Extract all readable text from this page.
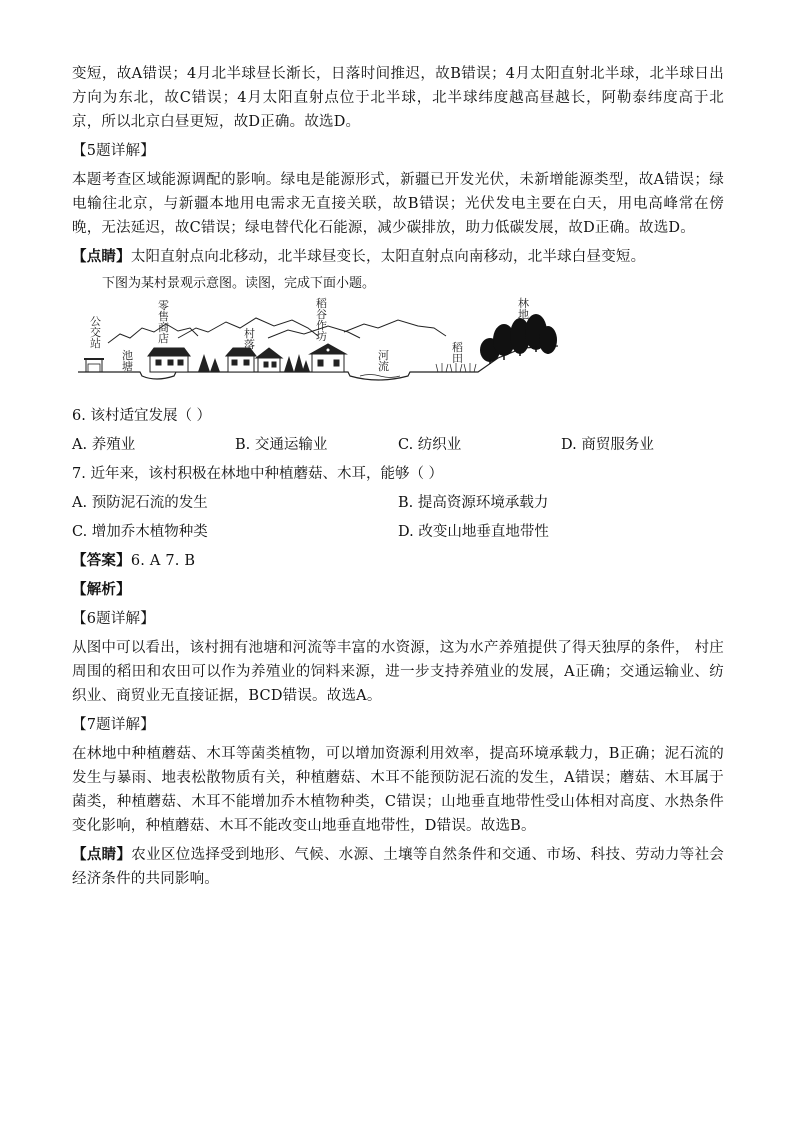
变短，故A错误；4月北半球昼长渐长，日落时间推迟，故B错误；4月太阳直射北半球，北半球日出方向为东北，故C错误；4月太阳直射点位于北半球，北半球纬度越高昼越长，阿勒泰纬度高于北京，所以北京白昼更短，故D正确。故选D。

【5题详解】

本题考查区域能源调配的影响。绿电是能源形式，新疆已开发光伏，未新增能源类型，故A错误；绿电输往北京，与新疆本地用电需求无直接关联，故B错误；光伏发电主要在白天，用电高峰常在傍晚，无法延迟，故C错误；绿电替代化石能源，减少碳排放，助力低碳发展，故D正确。故选D。

【点睛】太阳直射点向北移动，北半球昼变长，太阳直射点向南移动，北半球白昼变短。

下图为某村景观示意图。读图，完成下面小题。

公交站
池塘
零售商店	村落
稻谷作坊
河流
稻田
林地

6. 该村适宜发展（ ）

A. 养殖业	B. 交通运输业	C. 纺织业	D. 商贸服务业

7. 近年来，该村积极在林地中种植蘑菇、木耳，能够（ ）

A. 预防泥石流的发生	B. 提高资源环境承载力
C. 增加乔木植物种类	D. 改变山地垂直地带性

【答案】6. A 7. B

【解析】

【6题详解】

从图中可以看出，该村拥有池塘和河流等丰富的水资源，这为水产养殖提供了得天独厚的条件， 村庄周围的稻田和农田可以作为养殖业的饲料来源，进一步支持养殖业的发展，A正确；交通运输业、纺织业、商贸业无直接证据，BCD错误。故选A。

【7题详解】

在林地中种植蘑菇、木耳等菌类植物，可以增加资源利用效率，提高环境承载力，B正确；泥石流的发生与暴雨、地表松散物质有关，种植蘑菇、木耳不能预防泥石流的发生，A错误；蘑菇、木耳属于菌类，种植蘑菇、木耳不能增加乔木植物种类，C错误；山地垂直地带性受山体相对高度、水热条件变化影响，种植蘑菇、木耳不能改变山地垂直地带性，D错误。故选B。

【点睛】农业区位选择受到地形、气候、水源、土壤等自然条件和交通、市场、科技、劳动力等社会经济条件的共同影响。
